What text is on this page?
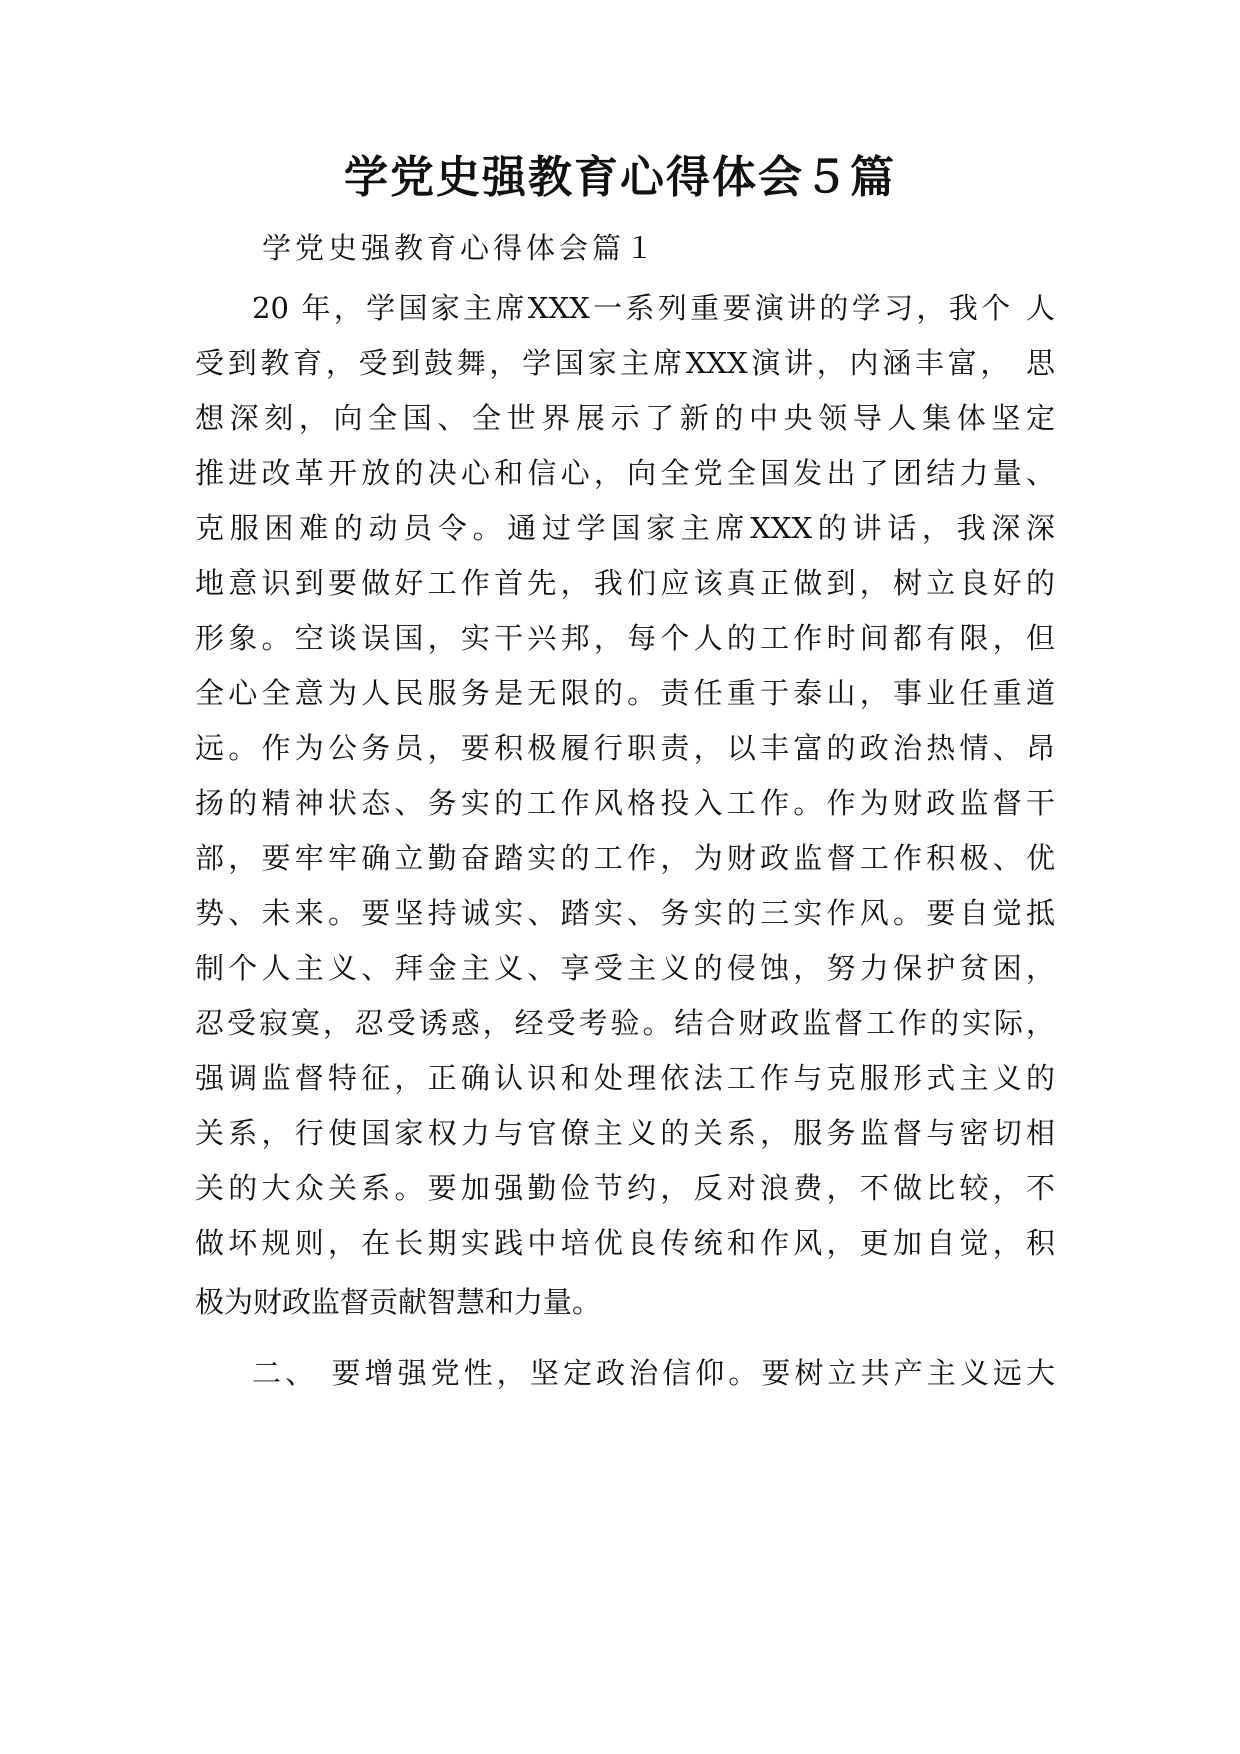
学党史强教育心得体会５篇

学党史强教育心得体会篇１

20 年，学国家主席XXX一系列重要演讲的学习，我个 人

受到教育，受到鼓舞，学国家主席XXX演讲，内涵丰富， 思

想深刻，向全国、全世界展示了新的中央领导人集体坚定

推进改革开放的决心和信心，向全党全国发出了团结力量、

克服困难的动员令。通过学国家主席XXX的讲话，我深深

地意识到要做好工作首先，我们应该真正做到，树立良好的

形象。空谈误国，实干兴邦，每个人的工作时间都有限，但

全心全意为人民服务是无限的。责任重于泰山，事业任重道

远。作为公务员，要积极履行职责，以丰富的政治热情、昂

扬的精神状态、务实的工作风格投入工作。作为财政监督干

部，要牢牢确立勤奋踏实的工作，为财政监督工作积极、优

势、未来。要坚持诚实、踏实、务实的三实作风。要自觉抵

制个人主义、拜金主义、享受主义的侵蚀，努力保护贫困，

忍受寂寞，忍受诱惑，经受考验。结合财政监督工作的实际，

强调监督特征，正确认识和处理依法工作与克服形式主义的

关系，行使国家权力与官僚主义的关系，服务监督与密切相

关的大众关系。要加强勤俭节约，反对浪费，不做比较，不

做坏规则，在长期实践中培优良传统和作风，更加自觉，积

极为财政监督贡献智慧和力量。

二、 要增强党性，坚定政治信仰。要树立共产主义远大
